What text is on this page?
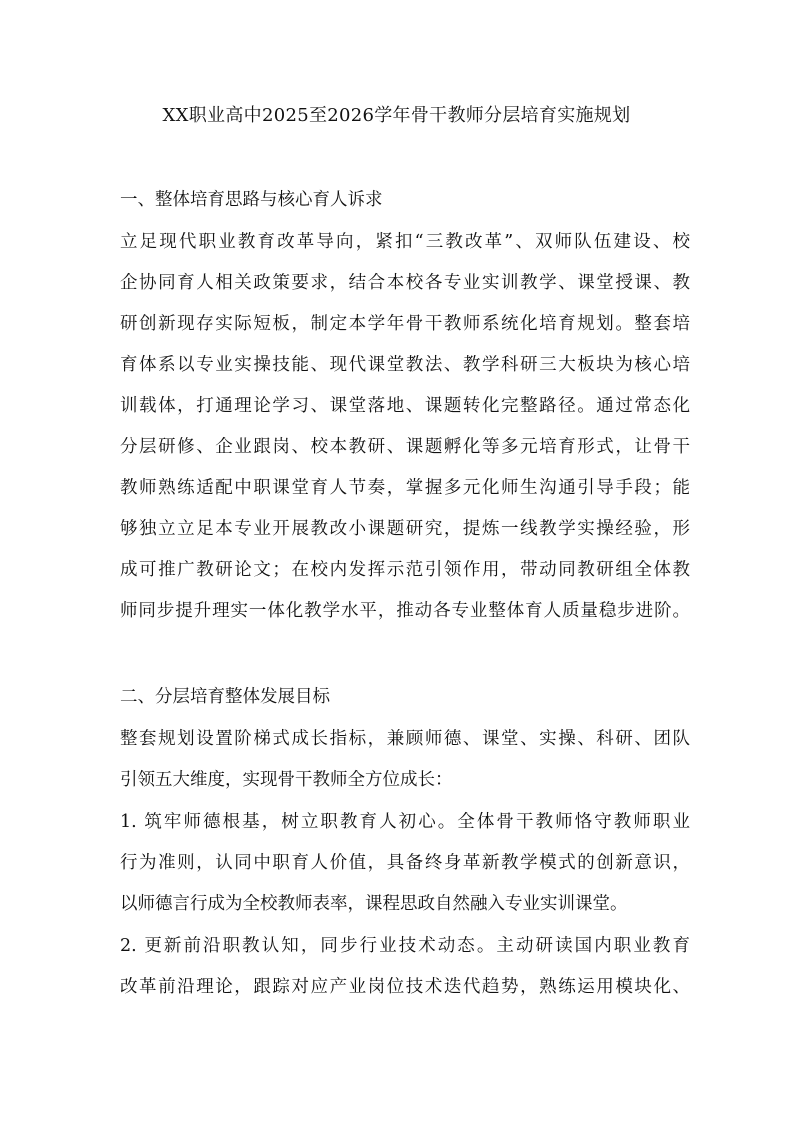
XX职业高中2025至2026学年骨干教师分层培育实施规划
一、整体培育思路与核心育人诉求
立足现代职业教育改革导向，紧扣“三教改革”、双师队伍建设、校
企协同育人相关政策要求，结合本校各专业实训教学、课堂授课、教
研创新现存实际短板，制定本学年骨干教师系统化培育规划。整套培
育体系以专业实操技能、现代课堂教法、教学科研三大板块为核心培
训载体，打通理论学习、课堂落地、课题转化完整路径。通过常态化
分层研修、企业跟岗、校本教研、课题孵化等多元培育形式，让骨干
教师熟练适配中职课堂育人节奏，掌握多元化师生沟通引导手段；能
够独立立足本专业开展教改小课题研究，提炼一线教学实操经验，形
成可推广教研论文；在校内发挥示范引领作用，带动同教研组全体教
师同步提升理实一体化教学水平，推动各专业整体育人质量稳步进阶。
二、分层培育整体发展目标
整套规划设置阶梯式成长指标，兼顾师德、课堂、实操、科研、团队
引领五大维度，实现骨干教师全方位成长：
1. 筑牢师德根基，树立职教育人初心。全体骨干教师恪守教师职业
行为准则，认同中职育人价值，具备终身革新教学模式的创新意识，
以师德言行成为全校教师表率，课程思政自然融入专业实训课堂。
2. 更新前沿职教认知，同步行业技术动态。主动研读国内职业教育
改革前沿理论，跟踪对应产业岗位技术迭代趋势，熟练运用模块化、
